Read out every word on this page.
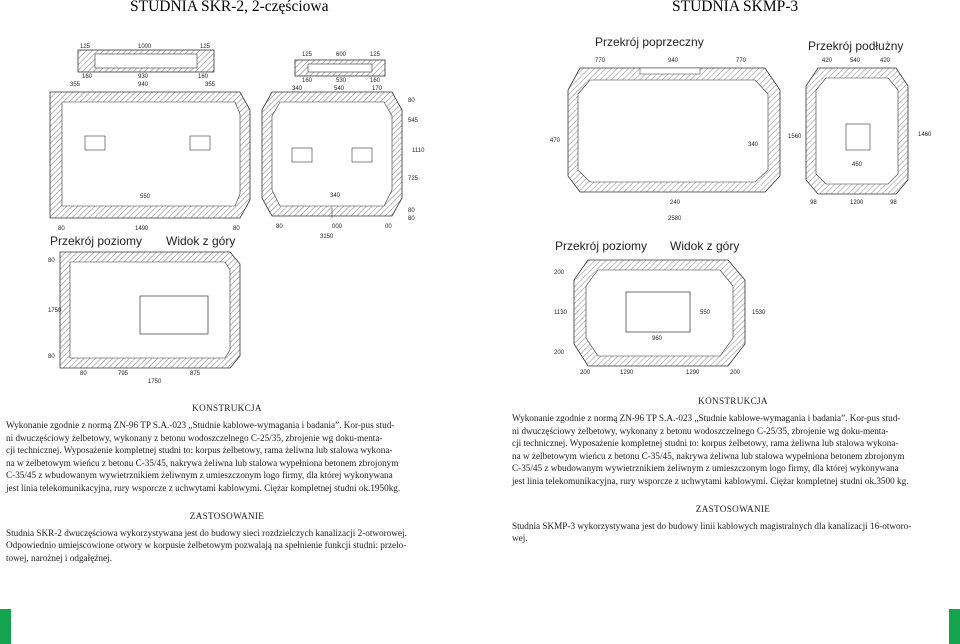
STUDNIA SKR-2, 2-częściowa	STUDNIA SKMP-3
125	1000	125
160	930	160
355	940	355
125	600	125
160	530	160
340	540	170
80
550
1490	80
340
80	000	00
3150
80
545
725
1110
80
80
Przekrój poziomy Widok z góry
80
1750
80
80	795	875
1750
Przekrój poprzeczny	Przekrój podłużny
770	940	770
470
340
1560
240
2580
420	540	420
1460
450
98	1200	98
Przekrój poziomy Widok z góry
200
1130
200
550
960
1530
200	1290	1290	200
KONSTRUKCJA

Wykonanie zgodnie z normą ZN-96 TP S.A.-023 „Studnie kablowe-wymagania i badania”. Kor-pus stud-

ni dwuczęściowy żelbetowy, wykonany z betonu wodoszczelnego C-25/35, zbrojenie wg doku-menta-

cji technicznej. Wyposażenie kompletnej studni to: korpus żelbetowy, rama żeliwna lub stalowa wykona-

na w żelbetowym wieńcu z betonu C-35/45, nakrywa żeliwna lub stalowa wypełniona betonem zbrojonym

C-35/45 z wbudowanym wywietrznikiem żeliwnym z umieszczonym logo firmy, dla której wykonywana

jest linia telekomunikacyjna, rury wsporcze z uchwytami kablowymi. Ciężar kompletnej studni ok.1950kg.

ZASTOSOWANIE

Studnia SKR-2 dwuczęściowa wykorzystywana jest do budowy sieci rozdzielczych kanalizacji 2-otworowej.

Odpowiednio umiejscowione otwory w korpusie żelbetowym pozwalają na spełnienie funkcji studni: przelo-

towej, narożnej i odgałęźnej.

KONSTRUKCJA

Wykonanie zgodnie z normą ZN-96 TP S.A.-023 „Studnie kablowe-wymagania i badania”. Kor-pus stud-

ni dwuczęściowy żelbetowy, wykonany z betonu wodoszczelnego C-25/35, zbrojenie wg doku-menta-

cji technicznej. Wyposażenie kompletnej studni to: korpus żelbetowy, rama żeliwna lub stalowa wykona-

na w żelbetowym wieńcu z betonu C-35/45, nakrywa żeliwna lub stalowa wypełniona betonem zbrojonym

C-35/45 z wbudowanym wywietrznikiem żeliwnym z umieszczonym logo firmy, dla której wykonywana

jest linia telekomunikacyjna, rury wsporcze z uchwytami kablowymi. Ciężar kompletnej studni ok.3500 kg.

ZASTOSOWANIE

Studnia SKMP-3 wykorzystywana jest do budowy linii kablowych magistralnych dla kanalizacji 16-otworo-

wej.
